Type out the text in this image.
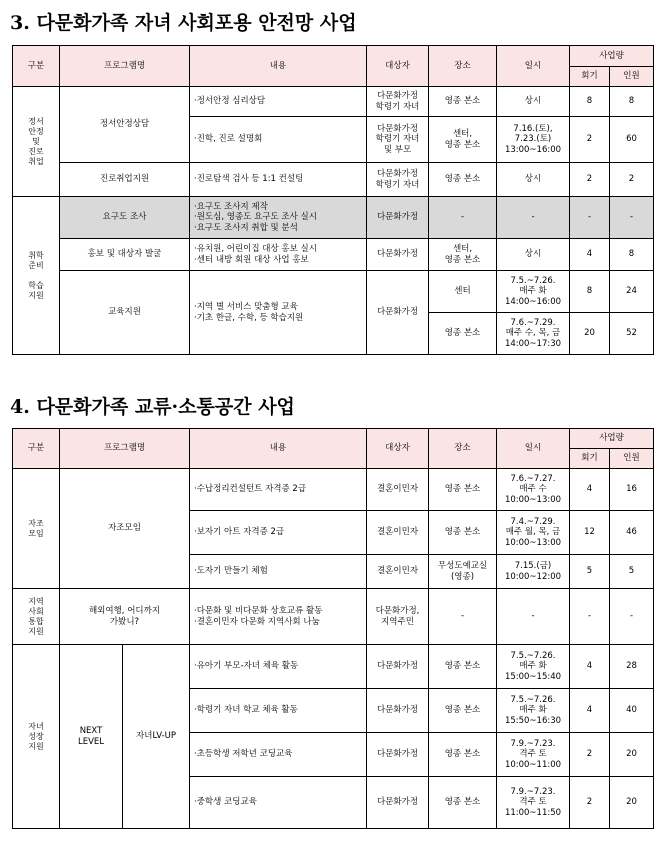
3. 다문화가족 자녀 사회포용 안전망 사업
구분	프로그램명	내용	대상자	장소	일시	사업량	
						회기	인원
정서
안정
및
진로
취업	정서안정상담	·정서안정 심리상담	다문화가정
학령기 자녀	영종 본소	상시	8	8
		·진학, 진로 설명회	다문화가정
학령기 자녀
및 부모	센터,
영종 본소	7.16.(토),
7.23.(토)
13:00~16:00	2	60
	진로취업지원	·진로탐색 검사 등 1:1 컨설팅	다문화가정
학령기 자녀	영종 본소	상시	2	2
취학
준비

학습
지원	요구도 조사	·요구도 조사지 제작
·원도심, 영종도 요구도 조사 실시
·요구도 조사지 취합 및 분석	다문화가정	-	-	-	-
	홍보 및 대상자 발굴	·유치원, 어린이집 대상 홍보 실시
·센터 내방 회원 대상 사업 홍보	다문화가정	센터,
영종 본소	상시	4	8
	교육지원	·지역 별 서비스 맞춤형 교육
·기초 한글, 수학, 등 학습지원	다문화가정	센터	7.5.~7.26.
매주 화
14:00~16:00	8	24
				영종 본소	7.6.~7.29.
매주 수, 목, 금
14:00~17:30	20	52
4. 다문화가족 교류·소통공간 사업
구분	프로그램명		내용	대상자	장소	일시	사업량	
							회기	인원
자조
모임	자조모임		·수납정리컨설턴트 자격증 2급	결혼이민자	영종 본소	7.6.~7.27.
매주 수
10:00~13:00	4	16
			·보자기 아트 자격증 2급	결혼이민자	영종 본소	7.4.~7.29.
매주 월, 목, 금
10:00~13:00	12	46
			·도자기 만들기 체험	결혼이민자	무성도예교실
(영종)	7.15.(금)
10:00~12:00	5	5
지역
사회
통합
지원	해외여행, 어디까지
가봤니?		·다문화 및 비다문화 상호교류 활동
·결혼이민자 다문화 지역사회 나눔	다문화가정,
지역주민	-	-	-	-
자녀
성장
지원	NEXT
LEVEL	자녀LV-UP	·유아기 부모-자녀 체육 활동	다문화가정	영종 본소	7.5.~7.26.
매주 화
15:00~15:40	4	28
			·학령기 자녀 학교 체육 활동	다문화가정	영종 본소	7.5.~7.26.
매주 화
15:50~16:30	4	40
			·초등학생 저학년 코딩교육	다문화가정	영종 본소	7.9.~7.23.
격주 토
10:00~11:00	2	20
			·중학생 코딩교육	다문화가정	영종 본소	7.9.~7.23.
격주 토
11:00~11:50	2	20
